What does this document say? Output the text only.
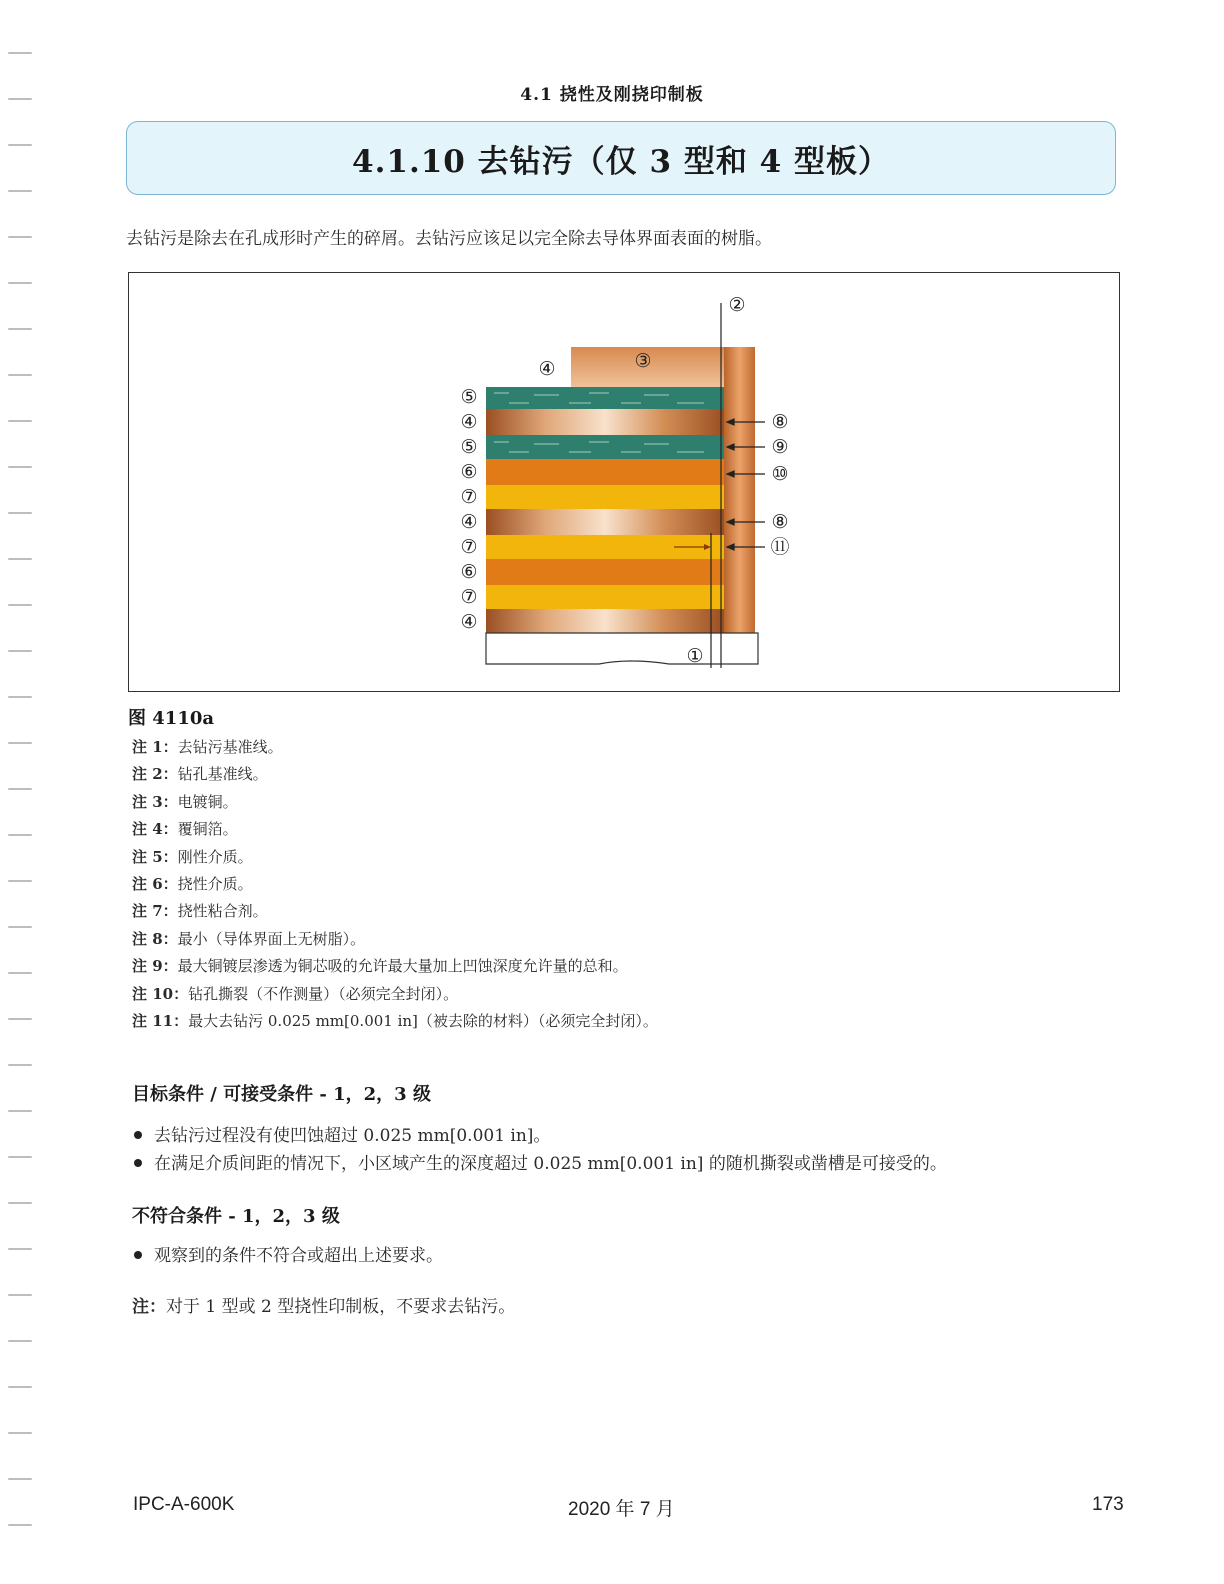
4.1 挠性及刚挠印制板
4.1.10 去钻污（仅 3 型和 4 型板）
去钻污是除去在孔成形时产生的碎屑。去钻污应该足以完全除去导体界面表面的树脂。
⑤
④
⑤
⑥
⑦
④
⑦
⑥
⑦
④
④	③
②
①
⑧
⑨
⑩
⑧
⑪
图 4110a
注 1：去钻污基准线。
注 2：钻孔基准线。
注 3：电镀铜。
注 4：覆铜箔。
注 5：刚性介质。
注 6：挠性介质。
注 7：挠性粘合剂。
注 8：最小（导体界面上无树脂）。
注 9：最大铜镀层渗透为铜芯吸的允许最大量加上凹蚀深度允许量的总和。
注 10：钻孔撕裂（不作测量）（必须完全封闭）。
注 11：最大去钻污 0.025 mm[0.001 in]（被去除的材料）（必须完全封闭）。
目标条件 / 可接受条件 - 1，2，3 级
去钻污过程没有使凹蚀超过 0.025 mm[0.001 in]。
在满足介质间距的情况下，小区域产生的深度超过 0.025 mm[0.001 in] 的随机撕裂或凿槽是可接受的。
不符合条件 - 1，2，3 级
观察到的条件不符合或超出上述要求。
注：对于 1 型或 2 型挠性印制板，不要求去钻污。
IPC-A-600K	2020 年 7 月	173
